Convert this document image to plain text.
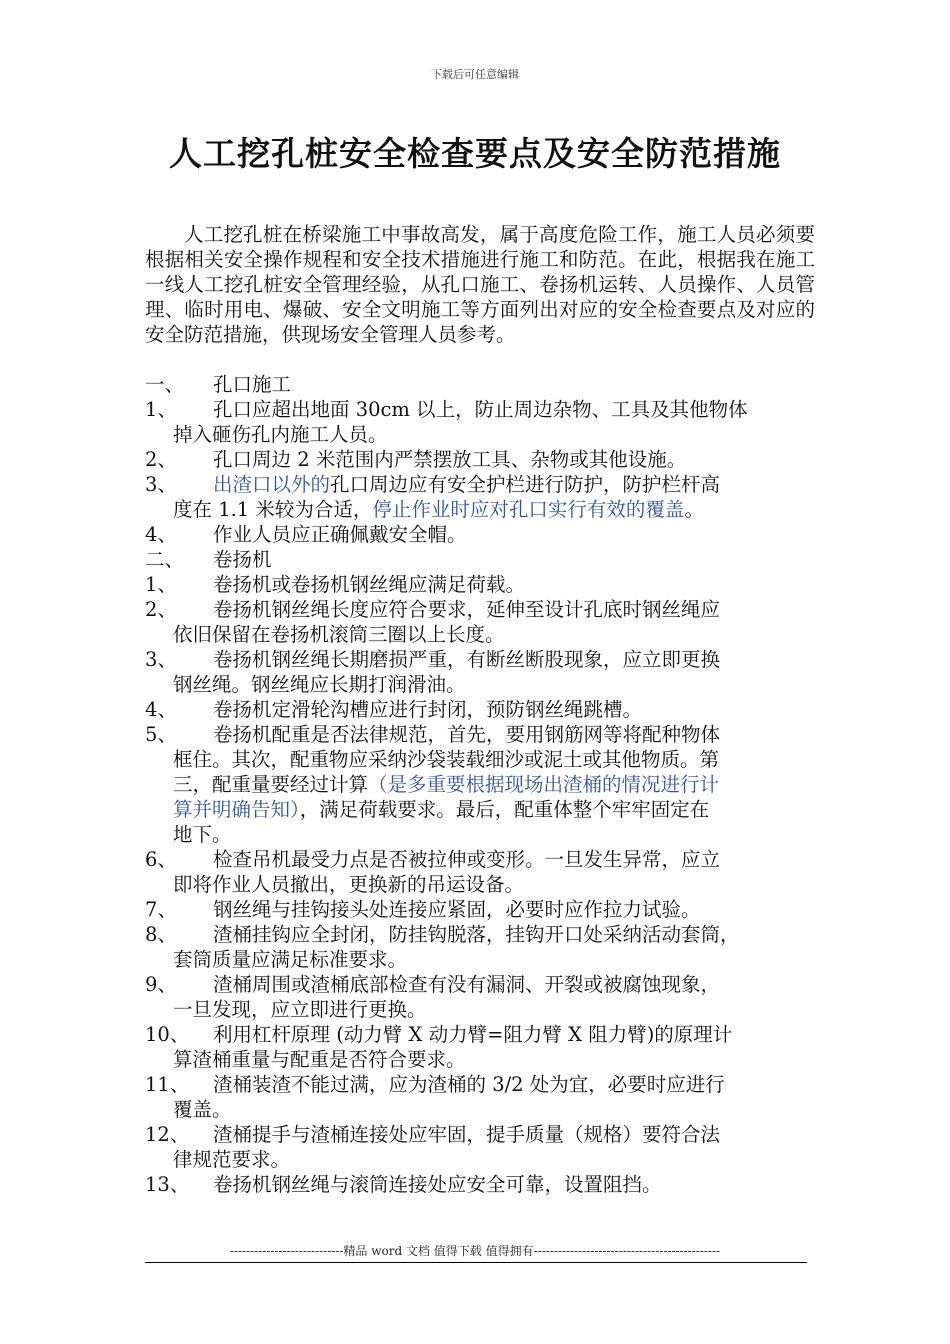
下载后可任意编辑
人工挖孔桩安全检查要点及安全防范措施

人工挖孔桩在桥梁施工中事故高发，属于高度危险工作，施工人员必须要根据相关安全操作规程和安全技术措施进行施工和防范。在此，根据我在施工一线人工挖孔桩安全管理经验，从孔口施工、卷扬机运转、人员操作、人员管理、临时用电、爆破、安全文明施工等方面列出对应的安全检查要点及对应的安全防范措施，供现场安全管理人员参考。

一、	孔口施工
1、	孔口应超出地面 30cm 以上，防止周边杂物、工具及其他物体
掉入砸伤孔内施工人员。
2、	孔口周边 2 米范围内严禁摆放工具、杂物或其他设施。
3、	出渣口以外的孔口周边应有安全护栏进行防护，防护栏杆高
度在 1.1 米较为合适，停止作业时应对孔口实行有效的覆盖。
4、	作业人员应正确佩戴安全帽。
二、	卷扬机
1、	卷扬机或卷扬机钢丝绳应满足荷载。
2、	卷扬机钢丝绳长度应符合要求，延伸至设计孔底时钢丝绳应
依旧保留在卷扬机滚筒三圈以上长度。
3、	卷扬机钢丝绳长期磨损严重，有断丝断股现象，应立即更换
钢丝绳。钢丝绳应长期打润滑油。
4、	卷扬机定滑轮沟槽应进行封闭，预防钢丝绳跳槽。
5、	卷扬机配重是否法律规范，首先，要用钢筋网等将配种物体
框住。其次，配重物应采纳沙袋装载细沙或泥土或其他物质。第
三，配重量要经过计算（是多重要根据现场出渣桶的情况进行计
算并明确告知），满足荷载要求。最后，配重体整个牢牢固定在
地下。
6、	检查吊机最受力点是否被拉伸或变形。一旦发生异常，应立
即将作业人员撤出，更换新的吊运设备。
7、	钢丝绳与挂钩接头处连接应紧固，必要时应作拉力试验。
8、	渣桶挂钩应全封闭，防挂钩脱落，挂钩开口处采纳活动套筒，
套筒质量应满足标准要求。
9、	渣桶周围或渣桶底部检查有没有漏洞、开裂或被腐蚀现象，
一旦发现，应立即进行更换。
10、	利用杠杆原理 (动力臂 X 动力臂=阻力臂 X 阻力臂)的原理计
算渣桶重量与配重是否符合要求。
11、	渣桶装渣不能过满，应为渣桶的 3/2 处为宜，必要时应进行
覆盖。
12、	渣桶提手与渣桶连接处应牢固，提手质量（规格）要符合法
律规范要求。
13、	卷扬机钢丝绳与滚筒连接处应安全可靠，设置阻挡。
----------------------------精品 word 文档 值得下载 值得拥有----------------------------------------------
